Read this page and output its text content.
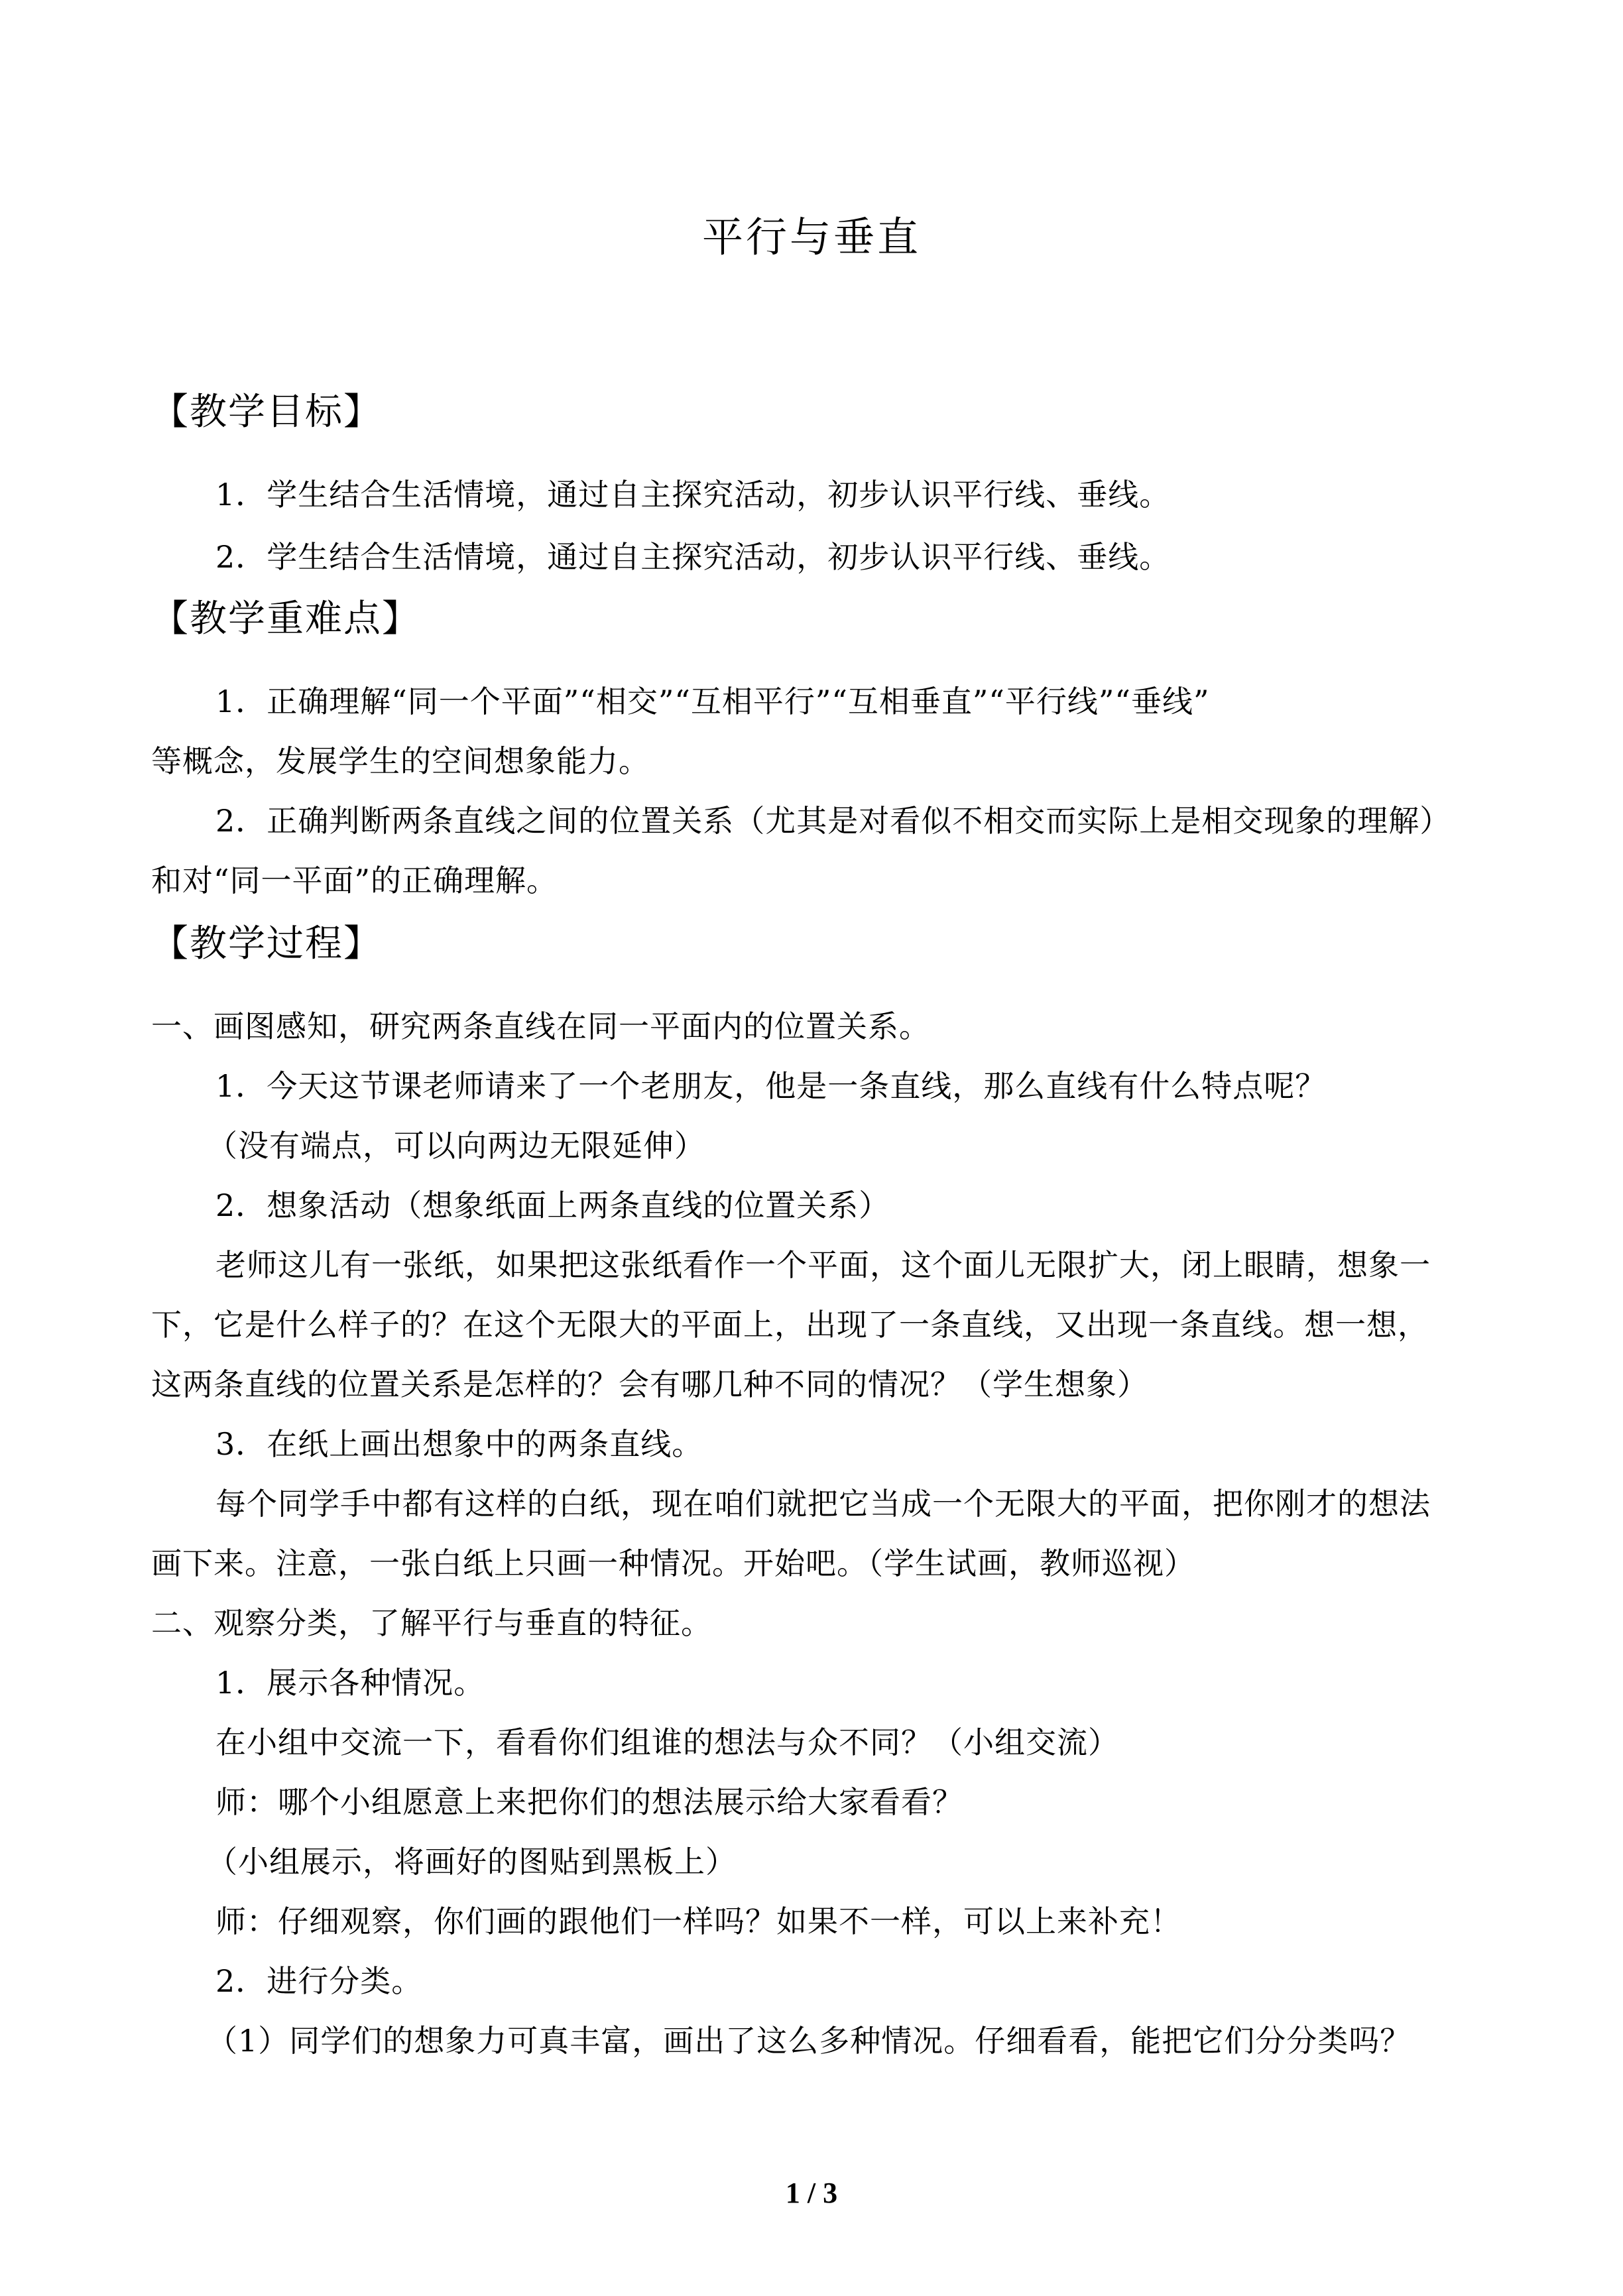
平行与垂直
【教学目标】
1．学生结合生活情境，通过自主探究活动，初步认识平行线、垂线。
2．学生结合生活情境，通过自主探究活动，初步认识平行线、垂线。
【教学重难点】
1．正确理解“同一个平面”“相交”“互相平行”“互相垂直”“平行线”“垂线”
等概念，发展学生的空间想象能力。
2．正确判断两条直线之间的位置关系（尤其是对看似不相交而实际上是相交现象的理解）
和对“同一平面”的正确理解。
【教学过程】
一、画图感知，研究两条直线在同一平面内的位置关系。
1．今天这节课老师请来了一个老朋友，他是一条直线，那么直线有什么特点呢？
（没有端点，可以向两边无限延伸）
2．想象活动（想象纸面上两条直线的位置关系）
老师这儿有一张纸，如果把这张纸看作一个平面，这个面儿无限扩大，闭上眼睛，想象一
下，它是什么样子的？在这个无限大的平面上，出现了一条直线，又出现一条直线。想一想，
这两条直线的位置关系是怎样的？会有哪几种不同的情况？（学生想象）
3．在纸上画出想象中的两条直线。
每个同学手中都有这样的白纸，现在咱们就把它当成一个无限大的平面，把你刚才的想法
画下来。注意，一张白纸上只画一种情况。开始吧。（学生试画，教师巡视）
二、观察分类，了解平行与垂直的特征。
1．展示各种情况。
在小组中交流一下，看看你们组谁的想法与众不同？（小组交流）
师：哪个小组愿意上来把你们的想法展示给大家看看？
（小组展示，将画好的图贴到黑板上）
师：仔细观察，你们画的跟他们一样吗？如果不一样，可以上来补充！
2．进行分类。
（1）同学们的想象力可真丰富，画出了这么多种情况。仔细看看，能把它们分分类吗？
1 / 3
